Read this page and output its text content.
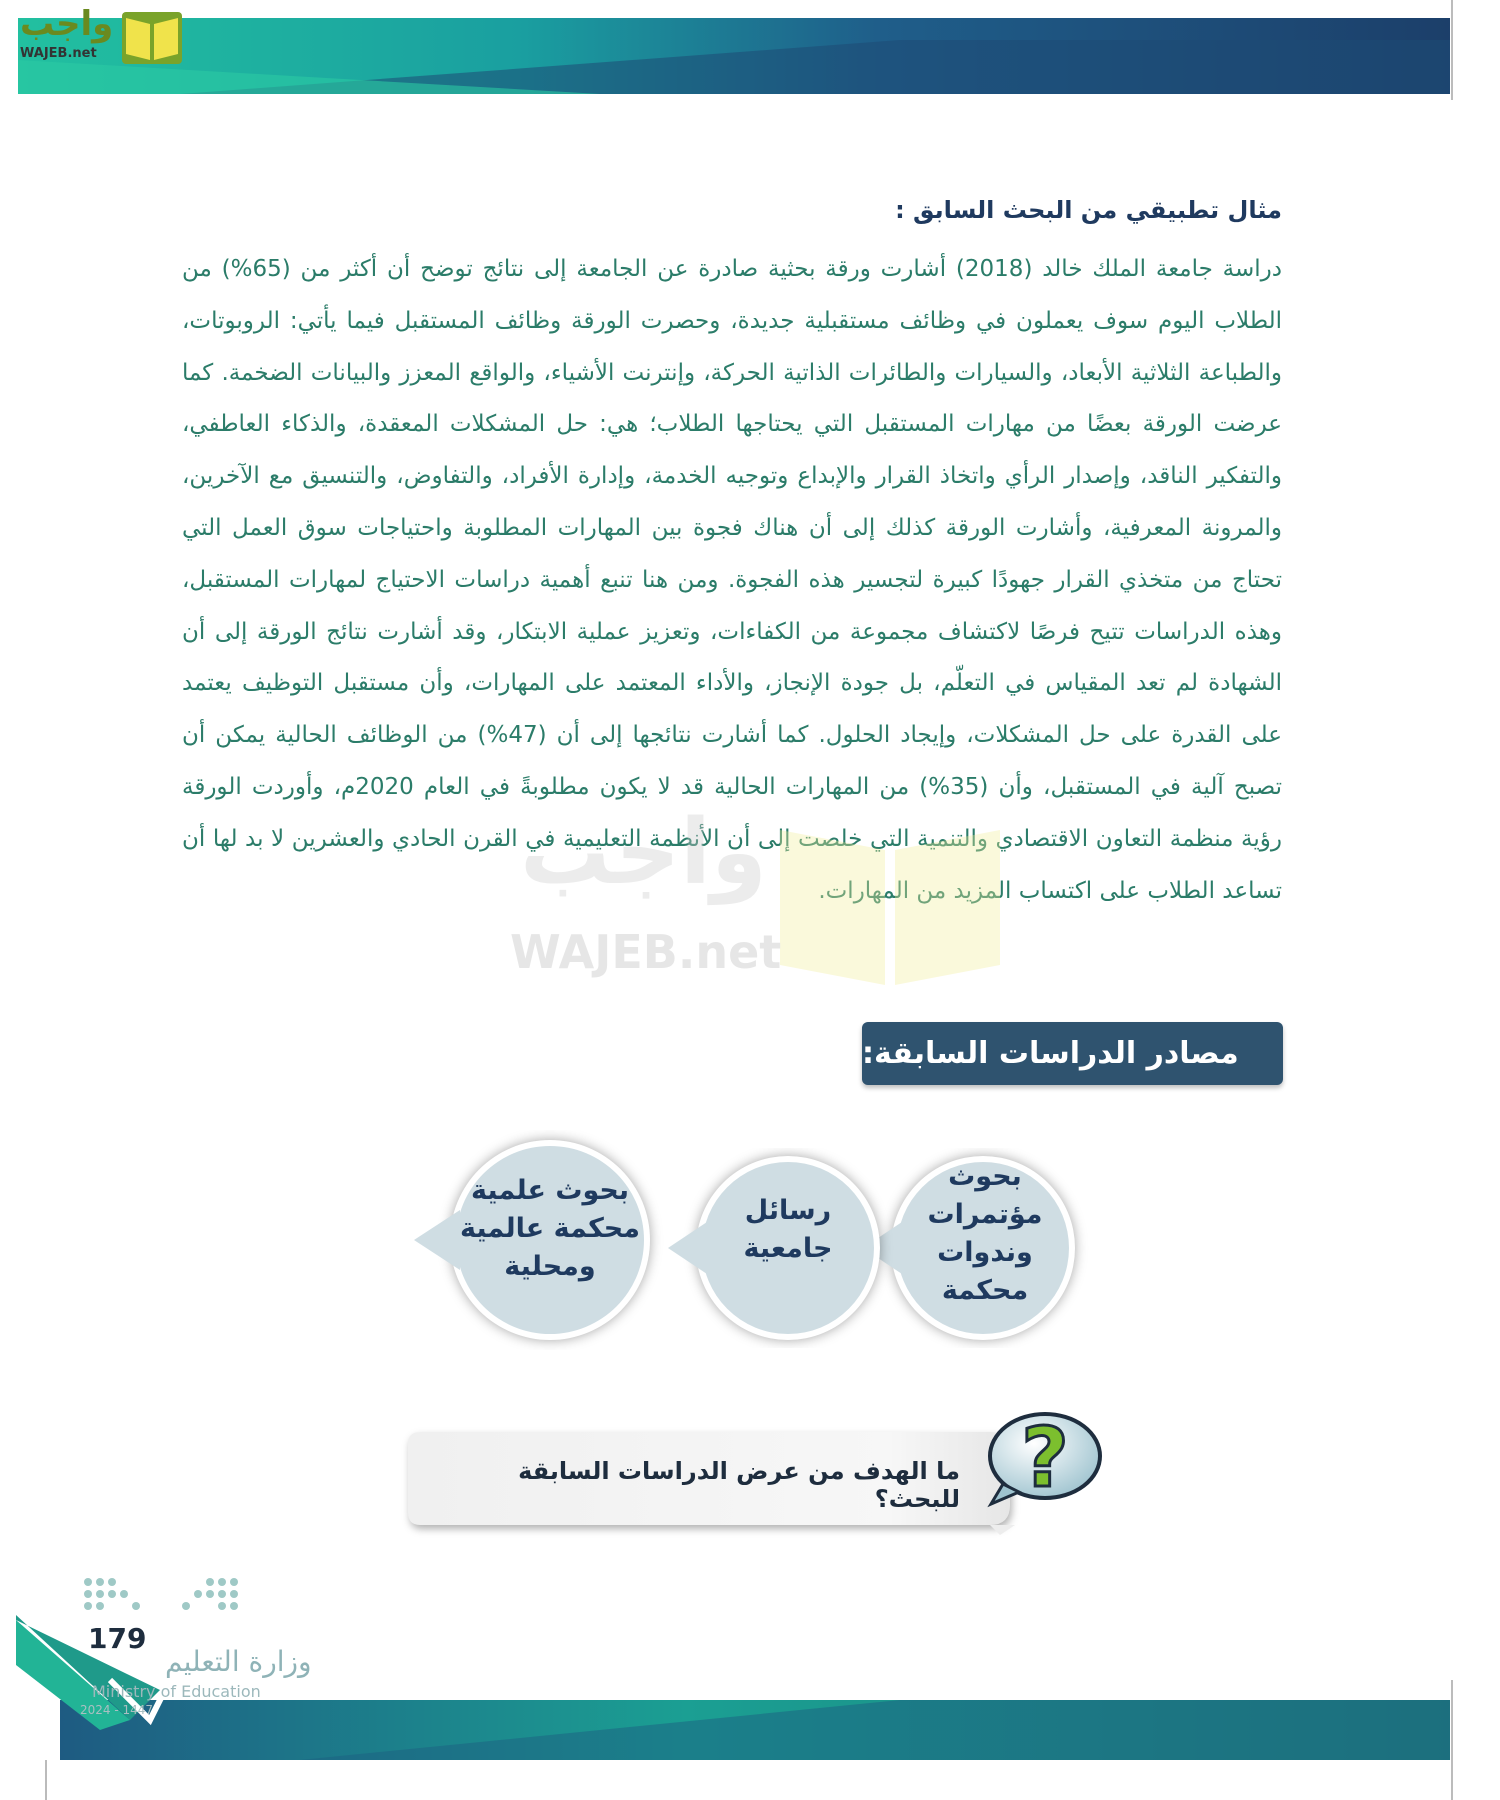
واجب
WAJEB.net
مثال تطبيقي من البحث السابق :
دراسة جامعة الملك خالد (2018) أشارت ورقة بحثية صادرة عن الجامعة إلى نتائج توضح أن أكثر من (65%) من الطلاب اليوم سوف يعملون في وظائف مستقبلية جديدة، وحصرت الورقة وظائف المستقبل فيما يأتي: الروبوتات، والطباعة الثلاثية الأبعاد، والسيارات والطائرات الذاتية الحركة، وإنترنت الأشياء، والواقع المعزز والبيانات الضخمة. كما عرضت الورقة بعضًا من مهارات المستقبل التي يحتاجها الطلاب؛ هي: حل المشكلات المعقدة، والذكاء العاطفي، والتفكير الناقد، وإصدار الرأي واتخاذ القرار والإبداع وتوجيه الخدمة، وإدارة الأفراد، والتفاوض، والتنسيق مع الآخرين، والمرونة المعرفية، وأشارت الورقة كذلك إلى أن هناك فجوة بين المهارات المطلوبة واحتياجات سوق العمل التي تحتاج من متخذي القرار جهودًا كبيرة لتجسير هذه الفجوة. ومن هنا تنبع أهمية دراسات الاحتياج لمهارات المستقبل، وهذه الدراسات تتيح فرصًا لاكتشاف مجموعة من الكفاءات، وتعزيز عملية الابتكار، وقد أشارت نتائج الورقة إلى أن الشهادة لم تعد المقياس في التعلّم، بل جودة الإنجاز، والأداء المعتمد على المهارات، وأن مستقبل التوظيف يعتمد على القدرة على حل المشكلات، وإيجاد الحلول. كما أشارت نتائجها إلى أن (47%) من الوظائف الحالية يمكن أن تصبح آلية في المستقبل، وأن (35%) من المهارات الحالية قد لا يكون مطلوبةً في العام 2020م، وأوردت الورقة رؤية منظمة التعاون الاقتصادي والتنمية التي خلصت إلى أن الأنظمة التعليمية في القرن الحادي والعشرين لا بد لها أن تساعد الطلاب على اكتساب المزيد من المهارات.
واجب
WAJEB.net
مصادر الدراسات السابقة:
بحوث
مؤتمرات
وندوات
محكمة
رسائل
جامعية
بحوث علمية
محكمة عالمية
ومحلية
?
ما الهدف من عرض الدراسات السابقة للبحث؟
179
وزارة التعليم
Ministry of Education
2024 - 1447
